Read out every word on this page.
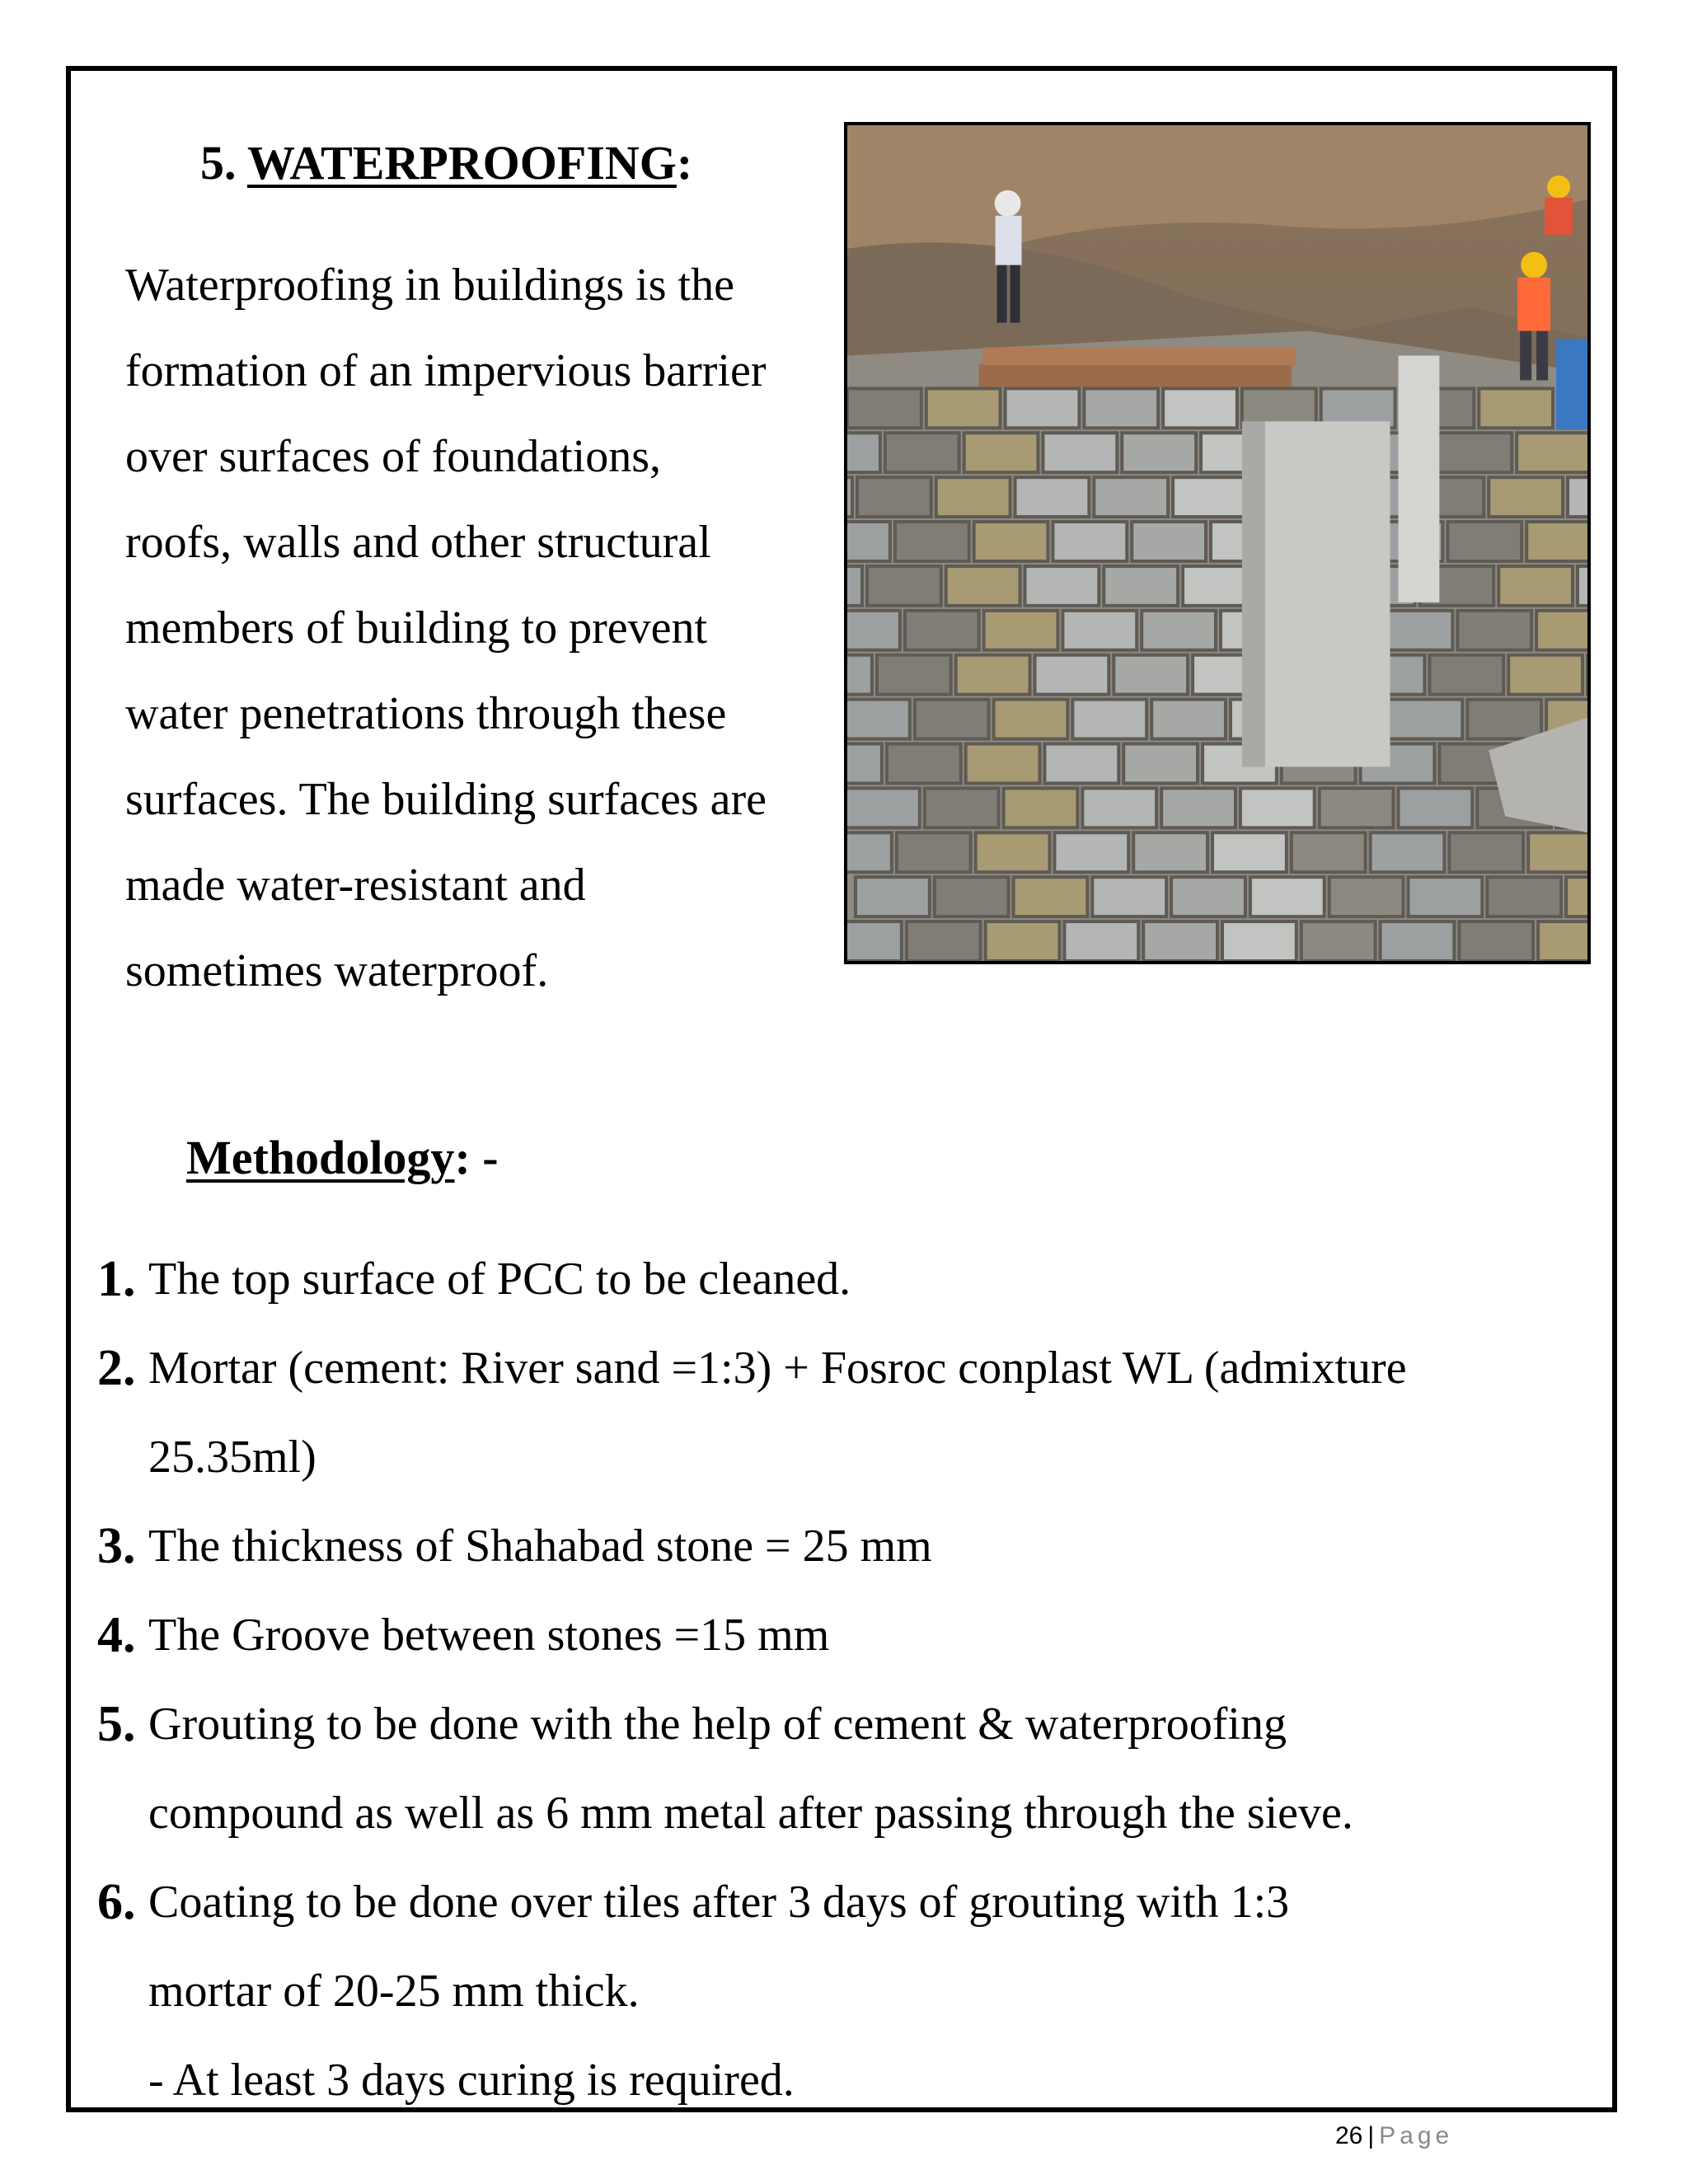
5. WATERPROOFING:

Waterproofing in buildings is the
formation of an impervious barrier
over surfaces of foundations,
roofs, walls and other structural
members of building to prevent
water penetrations through these
surfaces. The building surfaces are
made water-resistant and
sometimes waterproof.

Methodology: -
1. The top surface of PCC to be cleaned.
2. Mortar (cement: River sand =1:3) + Fosroc conplast WL (admixture
25.35ml)
3. The thickness of Shahabad stone = 25 mm
4. The Groove between stones =15 mm
5. Grouting to be done with the help of cement & waterproofing
compound as well as 6 mm metal after passing through the sieve.
6. Coating to be done over tiles after 3 days of grouting with 1:3
mortar of 20-25 mm thick.
- At least 3 days curing is required.
26 | Page
